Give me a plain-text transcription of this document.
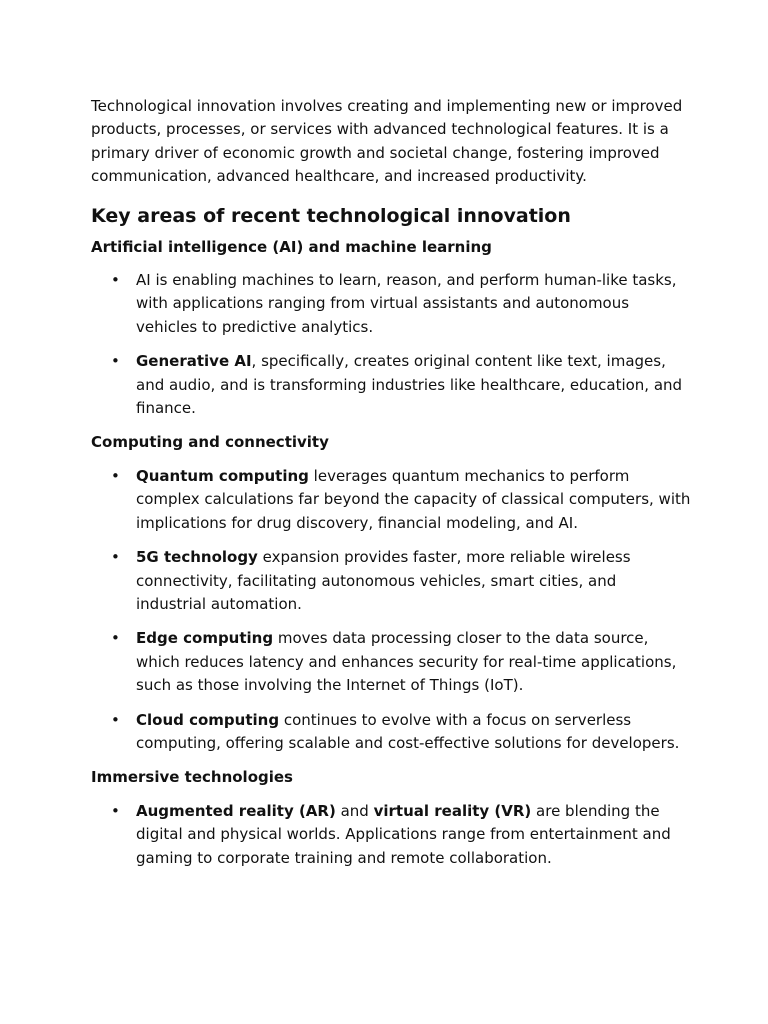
Technological innovation involves creating and implementing new or improved products, processes, or services with advanced technological features. It is a primary driver of economic growth and societal change, fostering improved communication, advanced healthcare, and increased productivity.

Key areas of recent technological innovation
Artificial intelligence (AI) and machine learning
• AI is enabling machines to learn, reason, and perform human-like tasks, with applications ranging from virtual assistants and autonomous vehicles to predictive analytics.
• Generative AI, specifically, creates original content like text, images, and audio, and is transforming industries like healthcare, education, and finance.
Computing and connectivity
• Quantum computing leverages quantum mechanics to perform complex calculations far beyond the capacity of classical computers, with implications for drug discovery, financial modeling, and AI.
• 5G technology expansion provides faster, more reliable wireless connectivity, facilitating autonomous vehicles, smart cities, and industrial automation.
• Edge computing moves data processing closer to the data source, which reduces latency and enhances security for real-time applications, such as those involving the Internet of Things (IoT).
• Cloud computing continues to evolve with a focus on serverless computing, offering scalable and cost-effective solutions for developers.
Immersive technologies
• Augmented reality (AR) and virtual reality (VR) are blending the digital and physical worlds. Applications range from entertainment and gaming to corporate training and remote collaboration.
